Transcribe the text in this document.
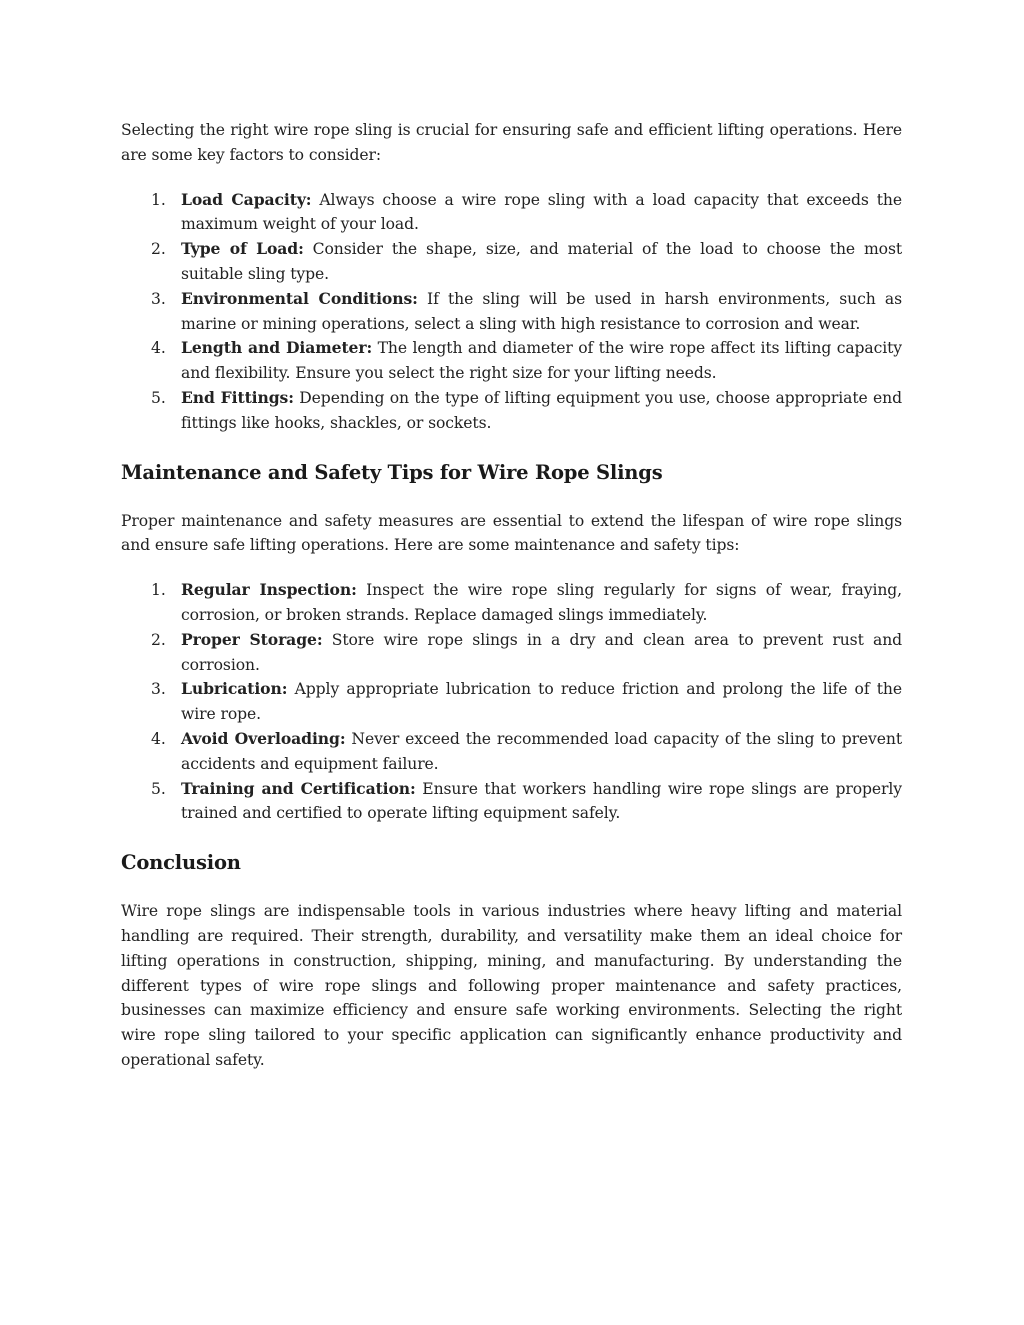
Selecting the right wire rope sling is crucial for ensuring safe and efficient lifting operations. Here are some key factors to consider:

1. Load Capacity: Always choose a wire rope sling with a load capacity that exceeds the maximum weight of your load.
2. Type of Load: Consider the shape, size, and material of the load to choose the most suitable sling type.
3. Environmental Conditions: If the sling will be used in harsh environments, such as marine or mining operations, select a sling with high resistance to corrosion and wear.
4. Length and Diameter: The length and diameter of the wire rope affect its lifting capacity and flexibility. Ensure you select the right size for your lifting needs.
5. End Fittings: Depending on the type of lifting equipment you use, choose appropriate end fittings like hooks, shackles, or sockets.
Maintenance and Safety Tips for Wire Rope Slings

Proper maintenance and safety measures are essential to extend the lifespan of wire rope slings and ensure safe lifting operations. Here are some maintenance and safety tips:

1. Regular Inspection: Inspect the wire rope sling regularly for signs of wear, fraying, corrosion, or broken strands. Replace damaged slings immediately.
2. Proper Storage: Store wire rope slings in a dry and clean area to prevent rust and corrosion.
3. Lubrication: Apply appropriate lubrication to reduce friction and prolong the life of the wire rope.
4. Avoid Overloading: Never exceed the recommended load capacity of the sling to prevent accidents and equipment failure.
5. Training and Certification: Ensure that workers handling wire rope slings are properly trained and certified to operate lifting equipment safely.
Conclusion

Wire rope slings are indispensable tools in various industries where heavy lifting and material handling are required. Their strength, durability, and versatility make them an ideal choice for lifting operations in construction, shipping, mining, and manufacturing. By understanding the different types of wire rope slings and following proper maintenance and safety practices, businesses can maximize efficiency and ensure safe working environments. Selecting the right wire rope sling tailored to your specific application can significantly enhance productivity and operational safety.
